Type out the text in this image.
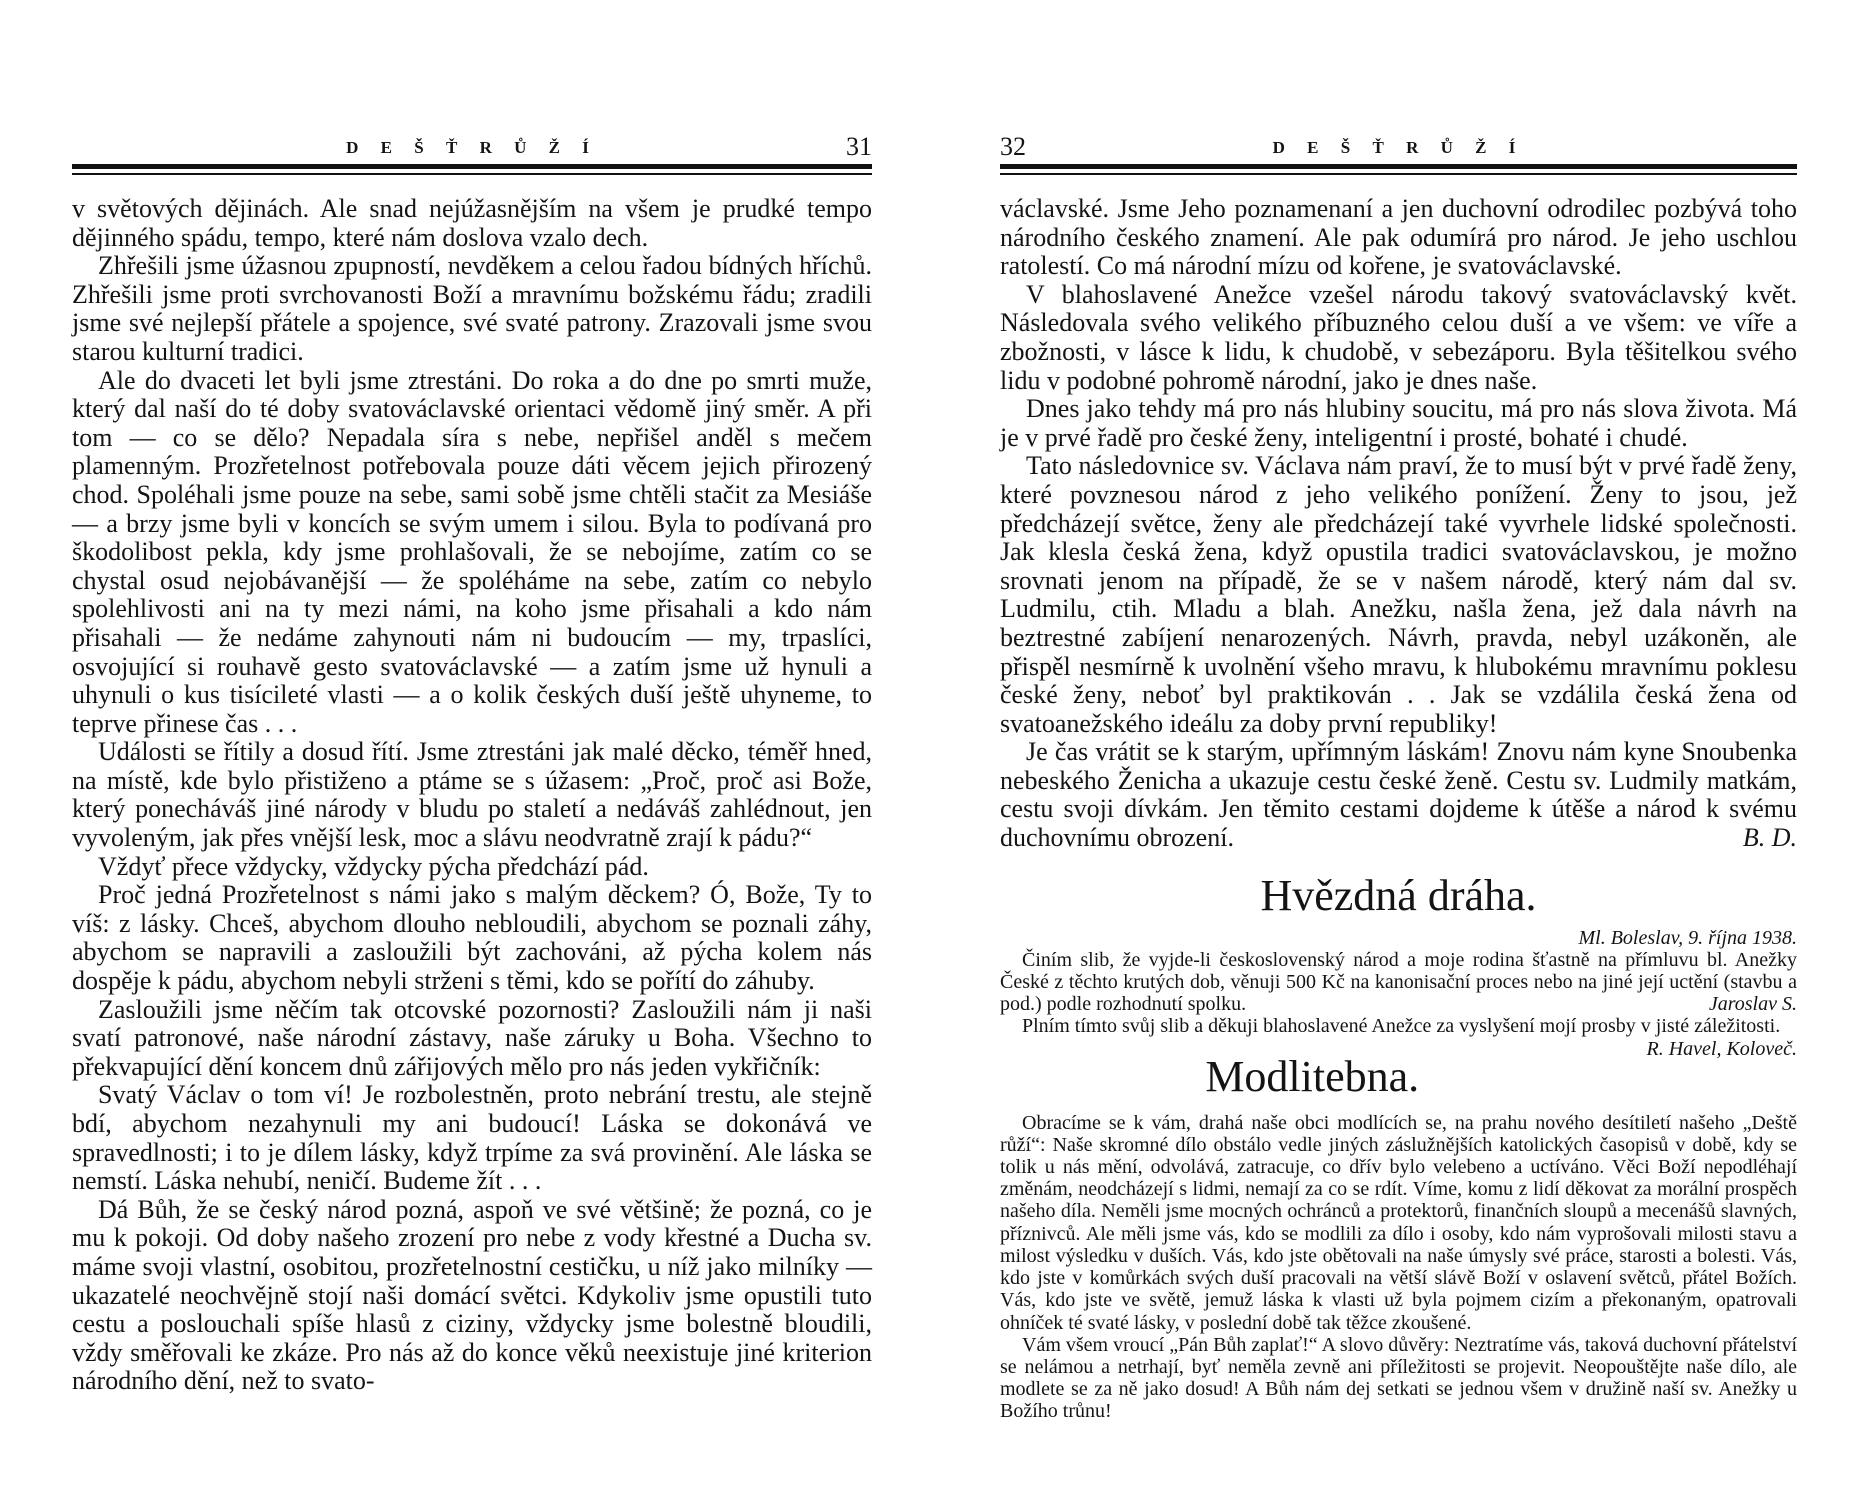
D E Š Ť R Ů Ž Í	31

v světových dějinách. Ale snad nejúžasnějším na všem je prudké tempo dějinného spádu, tempo, které nám doslova vzalo dech.

Zhřešili jsme úžasnou zpupností, nevděkem a celou řadou bídných hříchů. Zhřešili jsme proti svrchovanosti Boží a mravnímu božskému řádu; zradili jsme své nejlepší přátele a spojence, své svaté patrony. Zrazovali jsme svou starou kulturní tradici.

Ale do dvaceti let byli jsme ztrestáni. Do roka a do dne po smrti muže, který dal naší do té doby svatováclavské orientaci vědomě jiný směr. A při tom — co se dělo? Nepadala síra s nebe, nepřišel anděl s mečem plamenným. Prozřetelnost potřebovala pouze dáti věcem jejich přirozený chod. Spoléhali jsme pouze na sebe, sami sobě jsme chtěli stačit za Mesiáše — a brzy jsme byli v koncích se svým umem i silou. Byla to podívaná pro škodolibost pekla, kdy jsme prohlašovali, že se nebojíme, zatím co se chystal osud nejobávanější — že spoléháme na sebe, zatím co nebylo spolehlivosti ani na ty mezi námi, na koho jsme přisahali a kdo nám přisahali — že nedáme zahynouti nám ni budoucím — my, trpaslíci, osvojující si rouhavě gesto svatováclavské — a zatím jsme už hynuli a uhynuli o kus tisícileté vlasti — a o kolik českých duší ještě uhyneme, to teprve přinese čas . . .

Události se řítily a dosud řítí. Jsme ztrestáni jak malé děcko, téměř hned, na místě, kde bylo přistiženo a ptáme se s úžasem: „Proč, proč asi Bože, který ponecháváš jiné národy v bludu po staletí a nedáváš zahlédnout, jen vyvoleným, jak přes vnější lesk, moc a slávu neodvratně zrají k pádu?“

Vždyť přece vždycky, vždycky pýcha předchází pád.

Proč jedná Prozřetelnost s námi jako s malým děckem? Ó, Bože, Ty to víš: z lásky. Chceš, abychom dlouho nebloudili, abychom se poznali záhy, abychom se napravili a zasloužili být zachováni, až pýcha kolem nás dospěje k pádu, abychom nebyli strženi s těmi, kdo se pořítí do záhuby.

Zasloužili jsme něčím tak otcovské pozornosti? Zasloužili nám ji naši svatí patronové, naše národní zástavy, naše záruky u Boha. Všechno to překvapující dění koncem dnů zářijových mělo pro nás jeden vykřičník:

Svatý Václav o tom ví! Je rozbolestněn, proto nebrání trestu, ale stejně bdí, abychom nezahynuli my ani budoucí! Láska se dokonává ve spravedlnosti; i to je dílem lásky, když trpíme za svá provinění. Ale láska se nemstí. Láska nehubí, neničí. Budeme žít . . .

Dá Bůh, že se český národ pozná, aspoň ve své většině; že pozná, co je mu k pokoji. Od doby našeho zrození pro nebe z vody křestné a Ducha sv. máme svoji vlastní, osobitou, prozřetelnostní cestičku, u níž jako milníky — ukazatelé neochvějně stojí naši domácí světci. Kdykoliv jsme opustili tuto cestu a poslouchali spíše hlasů z ciziny, vždycky jsme bolestně bloudili, vždy směřovali ke zkáze. Pro nás až do konce věků neexistuje jiné kriterion národního dění, než to svato-

32	D E Š Ť R Ů Ž Í

václavské. Jsme Jeho poznamenaní a jen duchovní odrodilec pozbývá toho národního českého znamení. Ale pak odumírá pro národ. Je jeho uschlou ratolestí. Co má národní mízu od kořene, je svatováclavské.

V blahoslavené Anežce vzešel národu takový svatováclavský květ. Následovala svého velikého příbuzného celou duší a ve všem: ve víře a zbožnosti, v lásce k lidu, k chudobě, v sebezáporu. Byla těšitelkou svého lidu v podobné pohromě národní, jako je dnes naše.

Dnes jako tehdy má pro nás hlubiny soucitu, má pro nás slova života. Má je v prvé řadě pro české ženy, inteligentní i prosté, bohaté i chudé.

Tato následovnice sv. Václava nám praví, že to musí být v prvé řadě ženy, které povznesou národ z jeho velikého ponížení. Ženy to jsou, jež předcházejí světce, ženy ale předcházejí také vyvrhele lidské společnosti. Jak klesla česká žena, když opustila tradici svatováclavskou, je možno srovnati jenom na případě, že se v našem národě, který nám dal sv. Ludmilu, ctih. Mladu a blah. Anežku, našla žena, jež dala návrh na beztrestné zabíjení nenarozených. Návrh, pravda, nebyl uzákoněn, ale přispěl nesmírně k uvolnění všeho mravu, k hlubokému mravnímu poklesu české ženy, neboť byl praktikován . . Jak se vzdálila česká žena od svatoanežského ideálu za doby první republiky!

Je čas vrátit se k starým, upřímným láskám! Znovu nám kyne Snoubenka nebeského Ženicha a ukazuje cestu české ženě. Cestu sv. Ludmily matkám, cestu svoji dívkám. Jen těmito cestami dojdeme k útěše a národ k svému duchovnímu obrození.	B. D.

Hvězdná dráha.

Ml. Boleslav, 9. října 1938.

Činím slib, že vyjde-li československý národ a moje rodina šťastně na přímluvu bl. Anežky České z těchto krutých dob, věnuji 500 Kč na kanonisační proces nebo na jiné její uctění (stavbu a pod.) podle rozhodnutí spolku.	Jaroslav S.

Plním tímto svůj slib a děkuji blahoslavené Anežce za vyslyšení mojí prosby v jisté záležitosti.
R. Havel, Koloveč.

Modlitebna.

Obracíme se k vám, drahá naše obci modlících se, na prahu nového desítiletí našeho „Deště růží“: Naše skromné dílo obstálo vedle jiných záslužnějších katolických časopisů v době, kdy se tolik u nás mění, odvolává, zatracuje, co dřív bylo velebeno a uctíváno. Věci Boží nepodléhají změnám, neodcházejí s lidmi, nemají za co se rdít. Víme, komu z lidí děkovat za morální prospěch našeho díla. Neměli jsme mocných ochránců a protektorů, finančních sloupů a mecenášů slavných, příznivců. Ale měli jsme vás, kdo se modlili za dílo i osoby, kdo nám vyprošovali milosti stavu a milost výsledku v duších. Vás, kdo jste obětovali na naše úmysly své práce, starosti a bolesti. Vás, kdo jste v komůrkách svých duší pracovali na větší slávě Boží v oslavení světců, přátel Božích. Vás, kdo jste ve světě, jemuž láska k vlasti už byla pojmem cizím a překonaným, opatrovali ohníček té svaté lásky, v poslední době tak těžce zkoušené.

Vám všem vroucí „Pán Bůh zaplať!“ A slovo důvěry: Neztratíme vás, taková duchovní přátelství se nelámou a netrhají, byť neměla zevně ani příležitosti se projevit. Neopouštějte naše dílo, ale modlete se za ně jako dosud! A Bůh nám dej setkati se jednou všem v družině naší sv. Anežky u Božího trůnu!
